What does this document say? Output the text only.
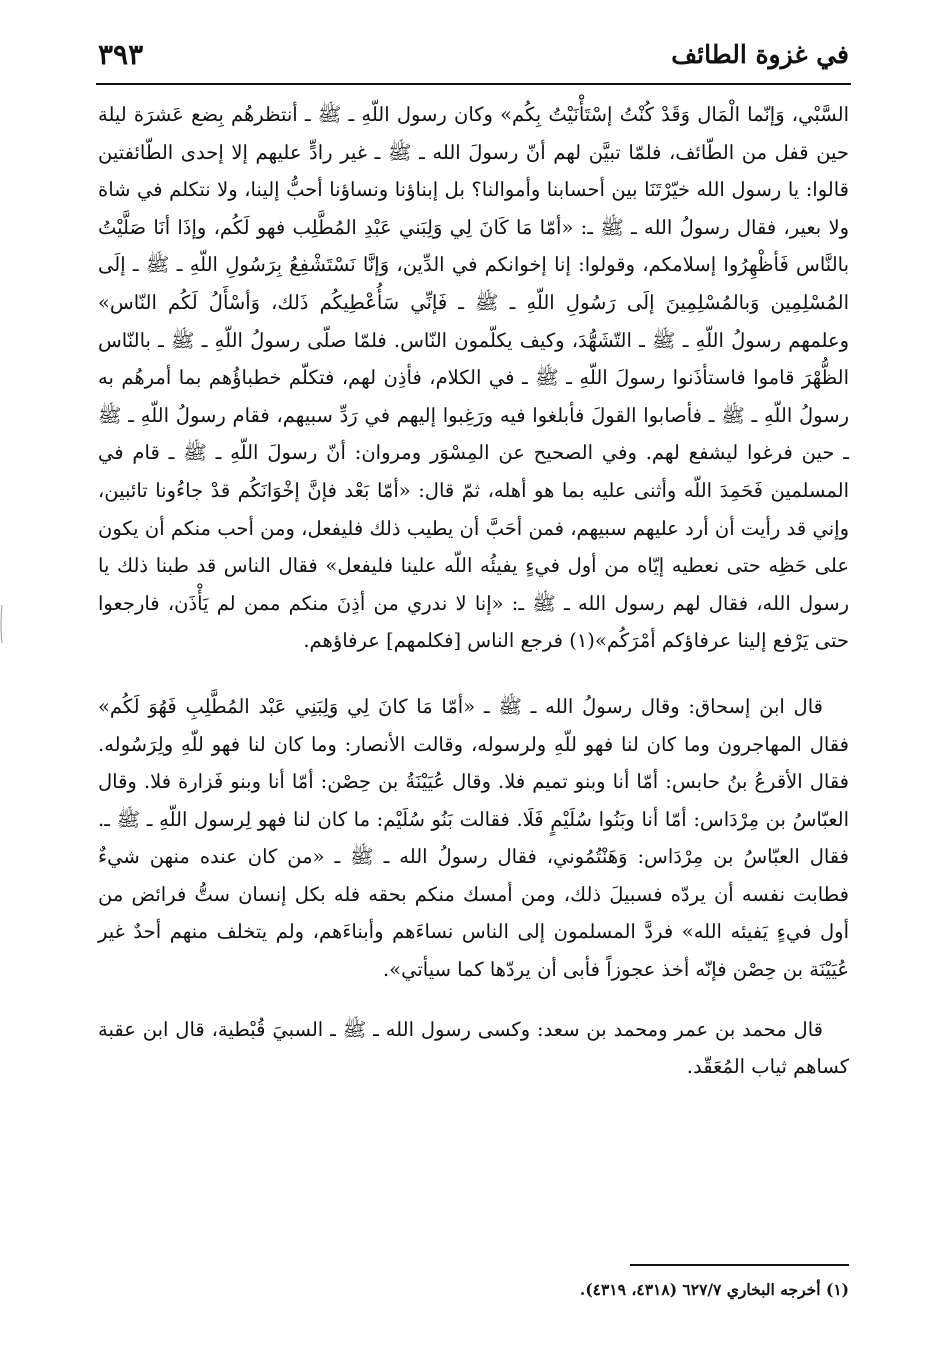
في غزوة الطائف
٣٩٣

السَّبْي، وَإنّما الْمَال وَقَدْ كُنْتُ إسْتَأْنَيْتُ بِكُم» وكان رسول اللّهِ ـ ﷺ ـ أنتظرهُم بِضع عَشرَة ليلة حين قفل من الطّائف، فلمّا تبيَّن لهم أنّ رسولَ الله ـ ﷺ ـ غير رادٍّ عليهم إلا إحدى الطّائفتين قالوا: يا رسول الله خيّرْتَنَا بين أحسابنا وأموالنا؟ بل إبناؤنا ونساؤنا أحبُّ إلينا، ولا نتكلم في شاة ولا بعير، فقال رسولُ الله ـ ﷺ ـ: «أمّا مَا كَانَ لِي وَلِبَني عَبْدِ المُطَّلِب فهو لَكُم، وإذَا أنَا صَلَّيْتُ بالنَّاس فَأظْهِرُوا إسلامكم، وقولوا: إنا إخوانكم في الدِّين، وَإنَّا نَسْتَشْفِعُ بِرَسُولِ اللّهِ ـ ﷺ ـ إلَى المُسْلِمِين وَبالمُسْلِمِينَ إلَى رَسُولِ اللّهِ ـ ﷺ ـ فَإنِّي سَأُعْطِيكُم ذَلك، وَأسْأَلُ لَكُم النّاس» وعلمهم رسولُ اللّهِ ـ ﷺ ـ التّشَهُّدَ، وكيف يكلّمون النّاس. فلمّا صلّى رسولُ اللّهِ ـ ﷺ ـ بالنّاس الظُّهْرَ قاموا فاستأذَنوا رسولَ اللّهِ ـ ﷺ ـ في الكلام، فأذِن لهم، فتكلّم خطباؤُهم بما أمرهُم به رسولُ اللّهِ ـ ﷺ ـ فأصابوا القولَ فأبلغوا فيه ورَغِبوا إليهم في رَدِّ سبيهم، فقام رسولُ اللّهِ ـ ﷺ ـ حين فرغوا ليشفع لهم. وفي الصحيح عن المِسْوَر ومروان: أنّ رسولَ اللّهِ ـ ﷺ ـ قام في المسلمين فَحَمِدَ اللّه وأثنى عليه بما هو أهله، ثمّ قال: «أمّا بَعْد فإنَّ إخْوَانَكُم قدْ جاءُونا تائبين، وإني قد رأيت أن أرد عليهم سبيهم، فمن أحَبَّ أن يطيب ذلك فليفعل، ومن أحب منكم أن يكون على حَظِه حتى نعطيه إيّاه من أول فيءٍ يفيئُه اللّه علينا فليفعل» فقال الناس قد طبنا ذلك يا رسول الله، فقال لهم رسول الله ـ ﷺ ـ: «إنا لا ندري من أذِنَ منكم ممن لم يَأْذَن، فارجعوا حتى يَرْفع إلينا عرفاؤكم أمْرَكُم»(١) فرجع الناس [فكلمهم] عرفاؤهم.

قال ابن إسحاق: وقال رسولُ الله ـ ﷺ ـ «أمّا مَا كانَ لِي وَلِبَنِي عَبْد المُطَّلِبِ فَهُوَ لَكُم» فقال المهاجرون وما كان لنا فهو للّهِ ولرسوله، وقالت الأنصار: وما كان لنا فهو للّهِ ولِرَسُوله. فقال الأقرعُ بنُ حابس: أمّا أنا وبنو تميم فلا. وقال عُيَيْنَةُ بن حِصْن: أمّا أنا وبنو فَزارة فلا. وقال العبّاسُ بن مِرْدَاس: أمّا أنا وبَنُوا سُلَيْمٍ فَلَا. فقالت بَنُو سُلَيْم: ما كان لنا فهو لِرسول اللّهِ ـ ﷺ ـ. فقال العبّاسُ بن مِرْدَاس: وَهَنْتُمُوني، فقال رسولُ الله ـ ﷺ ـ «من كان عنده منهن شيءٌ فطابت نفسه أن يردّه فسبيلَ ذلك، ومن أمسك منكم بحقه فله بكل إنسان ستُّ فرائض من أول فيءٍ يَفيئه الله» فردَّ المسلمون إلى الناس نساءَهم وأبناءَهم، ولم يتخلف منهم أحدٌ غير عُيَيْنَة بن حِصْن فإنّه أخذ عجوزاً فأبى أن يردّها كما سيأتي».

قال محمد بن عمر ومحمد بن سعد: وكسى رسول الله ـ ﷺ ـ السبيَ قُبْطية، قال ابن عقبة كساهم ثياب المُعَقّد.

(١) أخرجه البخاري ٦٢٧/٧ (٤٣١٨، ٤٣١٩).
